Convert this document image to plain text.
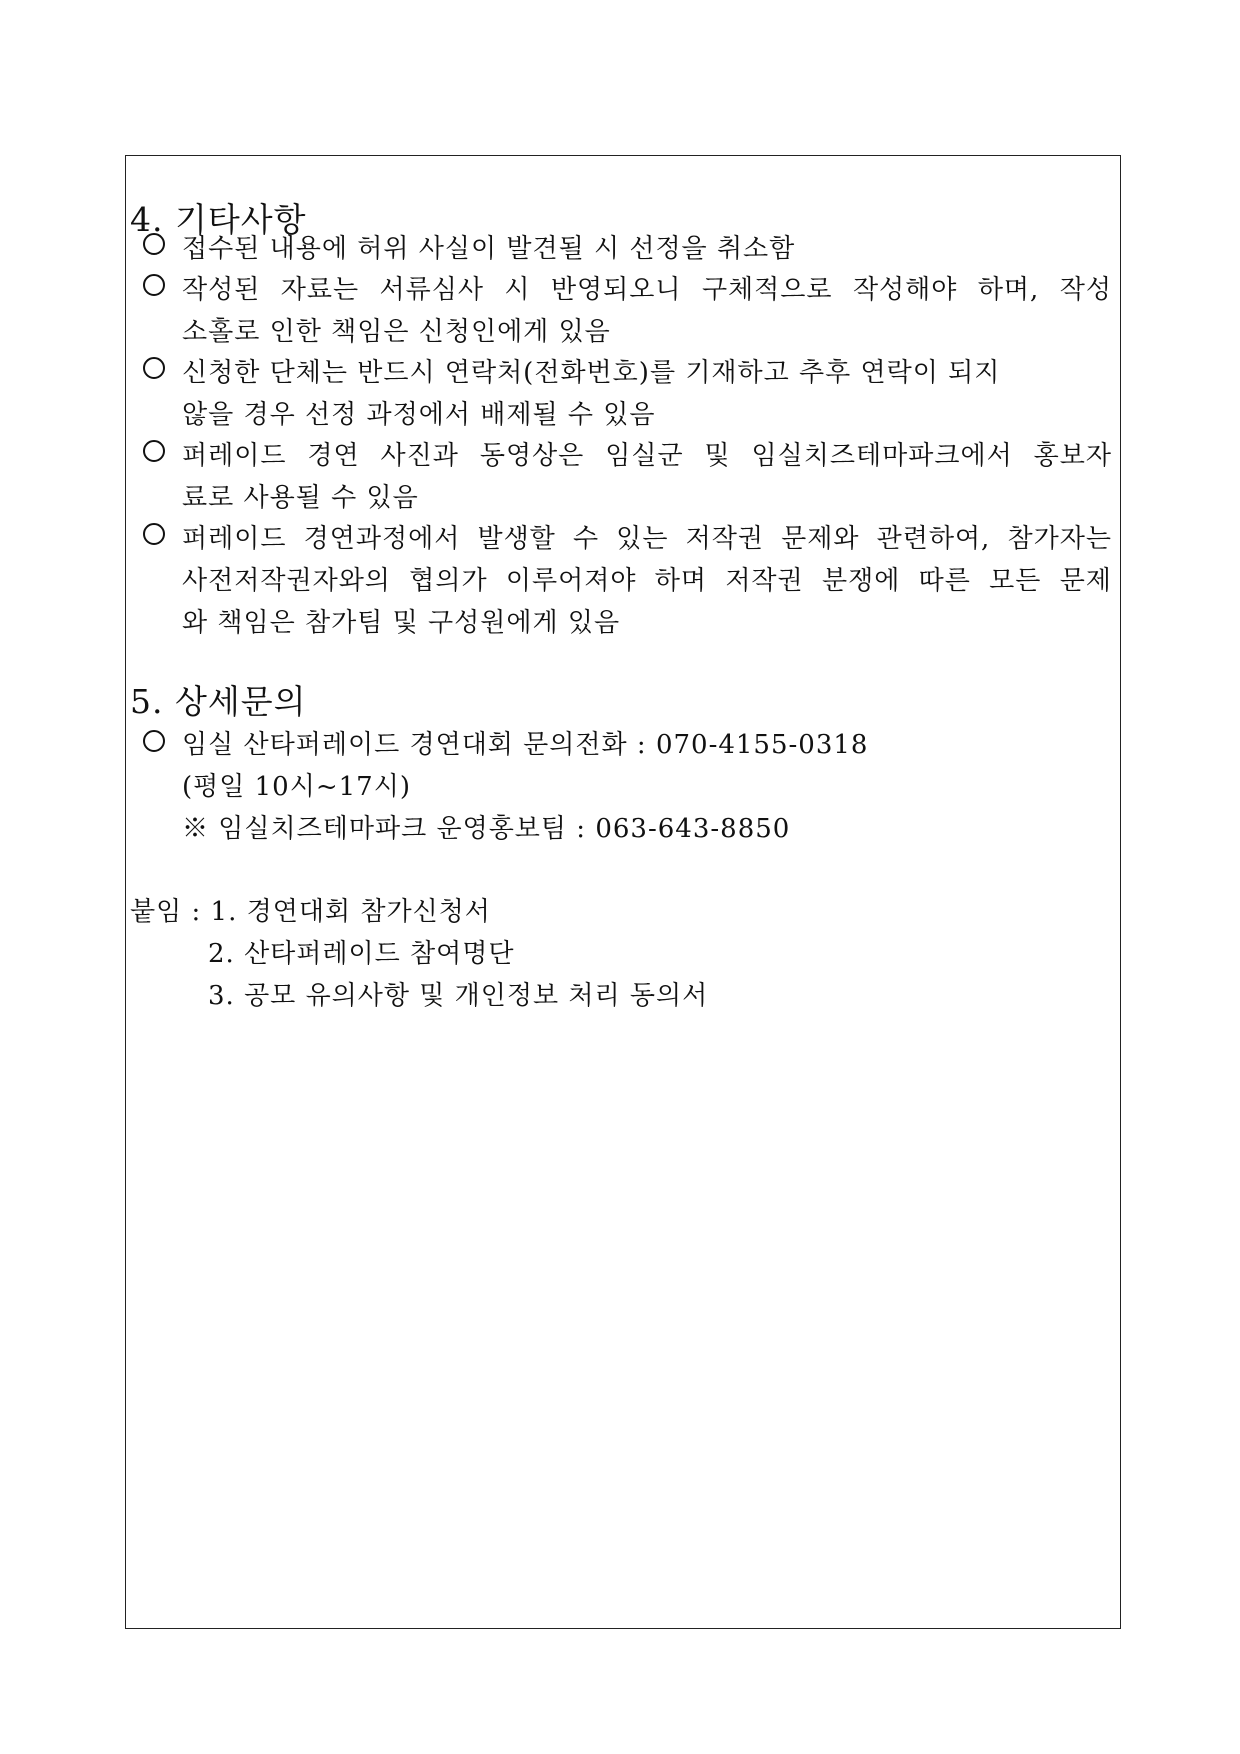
4. 기타사항
접수된 내용에 허위 사실이 발견될 시 선정을 취소함
작성된 자료는 서류심사 시 반영되오니 구체적으로 작성해야 하며, 작성
소홀로 인한 책임은 신청인에게 있음
신청한 단체는 반드시 연락처(전화번호)를 기재하고 추후 연락이 되지
않을 경우 선정 과정에서 배제될 수 있음
퍼레이드 경연 사진과 동영상은 임실군 및 임실치즈테마파크에서 홍보자
료로 사용될 수 있음
퍼레이드 경연과정에서 발생할 수 있는 저작권 문제와 관련하여, 참가자는
사전저작권자와의 협의가 이루어져야 하며 저작권 분쟁에 따른 모든 문제
와 책임은 참가팀 및 구성원에게 있음
5. 상세문의
임실 산타퍼레이드 경연대회 문의전화 : 070-4155-0318
(평일 10시~17시)
※ 임실치즈테마파크 운영홍보팀 : 063-643-8850
붙임 : 1. 경연대회 참가신청서
2. 산타퍼레이드 참여명단
3. 공모 유의사항 및 개인정보 처리 동의서
